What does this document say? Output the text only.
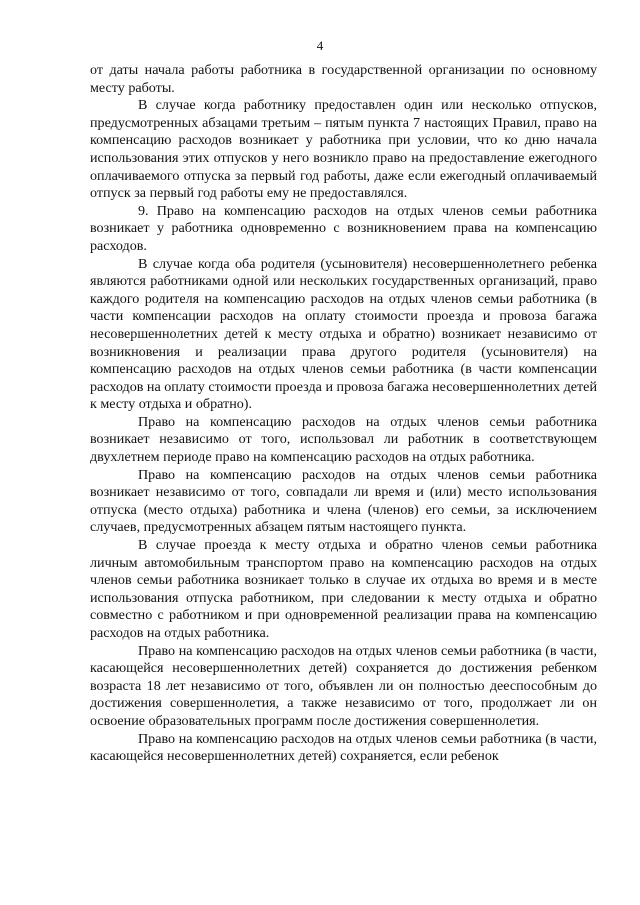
4

от даты начала работы работника в государственной организации по основному месту работы.

В случае когда работнику предоставлен один или несколько отпусков, предусмотренных абзацами третьим – пятым пункта 7 настоящих Правил, право на компенсацию расходов возникает у работника при условии, что ко дню начала использования этих отпусков у него возникло право на предоставление ежегодного оплачиваемого отпуска за первый год работы, даже если ежегодный оплачиваемый отпуск за первый год работы ему не предоставлялся.

9. Право на компенсацию расходов на отдых членов семьи работника возникает у работника одновременно с возникновением права на компенсацию расходов.

В случае когда оба родителя (усыновителя) несовершеннолетнего ребенка являются работниками одной или нескольких государственных организаций, право каждого родителя на компенсацию расходов на отдых членов семьи работника (в части компенсации расходов на оплату стоимости проезда и провоза багажа несовершеннолетних детей к месту отдыха и обратно) возникает независимо от возникновения и реализации права другого родителя (усыновителя) на компенсацию расходов на отдых членов семьи работника (в части компенсации расходов на оплату стоимости проезда и провоза багажа несовершеннолетних детей к месту отдыха и обратно).

Право на компенсацию расходов на отдых членов семьи работника возникает независимо от того, использовал ли работник в соответствующем двухлетнем периоде право на компенсацию расходов на отдых работника.

Право на компенсацию расходов на отдых членов семьи работника возникает независимо от того, совпадали ли время и (или) место использования отпуска (место отдыха) работника и члена (членов) его семьи, за исключением случаев, предусмотренных абзацем пятым настоящего пункта.

В случае проезда к месту отдыха и обратно членов семьи работника личным автомобильным транспортом право на компенсацию расходов на отдых членов семьи работника возникает только в случае их отдыха во время и в месте использования отпуска работником, при следовании к месту отдыха и обратно совместно с работником и при одновременной реализации права на компенсацию расходов на отдых работника.

Право на компенсацию расходов на отдых членов семьи работника (в части, касающейся несовершеннолетних детей) сохраняется до достижения ребенком возраста 18 лет независимо от того, объявлен ли он полностью дееспособным до достижения совершеннолетия, а также независимо от того, продолжает ли он освоение образовательных программ после достижения совершеннолетия.

Право на компенсацию расходов на отдых членов семьи работника (в части, касающейся несовершеннолетних детей) сохраняется, если ребенок
